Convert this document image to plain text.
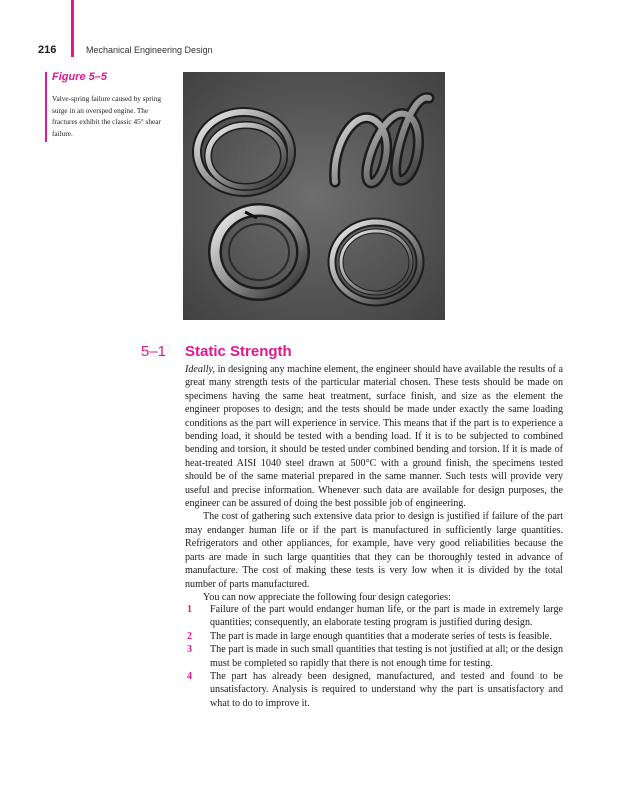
216	Mechanical Engineering Design
Figure 5–5
Valve-spring failure caused by spring surge in an oversped engine. The fractures exhibit the classic 45° shear failure.
5–1 Static Strength

Ideally, in designing any machine element, the engineer should have available the results of a great many strength tests of the particular material chosen. These tests should be made on specimens having the same heat treatment, surface finish, and size as the element the engineer proposes to design; and the tests should be made under exactly the same loading conditions as the part will experience in service. This means that if the part is to experience a bending load, it should be tested with a bending load. If it is to be subjected to combined bending and torsion, it should be tested under combined bending and torsion. If it is made of heat-treated AISI 1040 steel drawn at 500°C with a ground finish, the specimens tested should be of the same material prepared in the same manner. Such tests will provide very useful and precise information. Whenever such data are available for design purposes, the engineer can be assured of doing the best possible job of engineering.

The cost of gathering such extensive data prior to design is justified if failure of the part may endanger human life or if the part is manufactured in sufficiently large quantities. Refrigerators and other appliances, for example, have very good reliabilities because the parts are made in such large quantities that they can be thoroughly tested in advance of manufacture. The cost of making these tests is very low when it is divided by the total number of parts manufactured.

You can now appreciate the following four design categories:

1 Failure of the part would endanger human life, or the part is made in extremely large quantities; consequently, an elaborate testing program is justified during design.
2 The part is made in large enough quantities that a moderate series of tests is feasible.
3 The part is made in such small quantities that testing is not justified at all; or the design must be completed so rapidly that there is not enough time for testing.
4 The part has already been designed, manufactured, and tested and found to be unsatisfactory. Analysis is required to understand why the part is unsatisfactory and what to do to improve it.
